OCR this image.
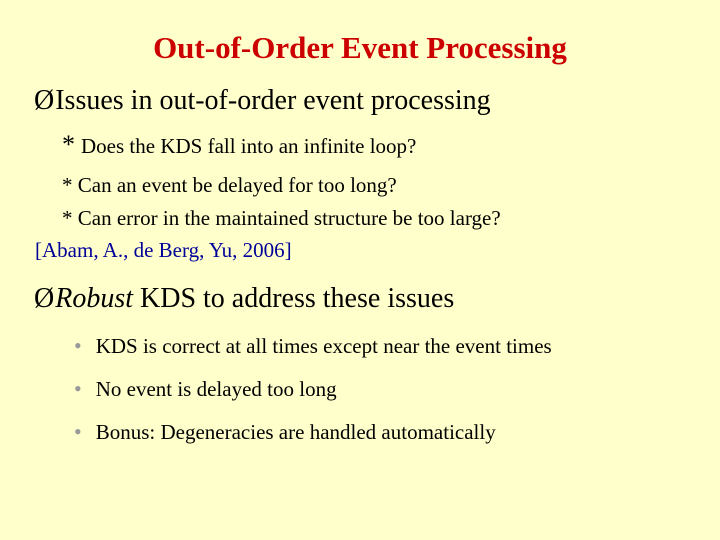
Out-of-Order Event Processing
ØIssues in out-of-order event processing
* Does the KDS fall into an infinite loop?
* Can an event be delayed for too long?
* Can error in the maintained structure be too large?
[Abam, A., de Berg, Yu, 2006]
ØRobust KDS to address these issues
• KDS is correct at all times except near the event times
• No event is delayed too long
• Bonus: Degeneracies are handled automatically
